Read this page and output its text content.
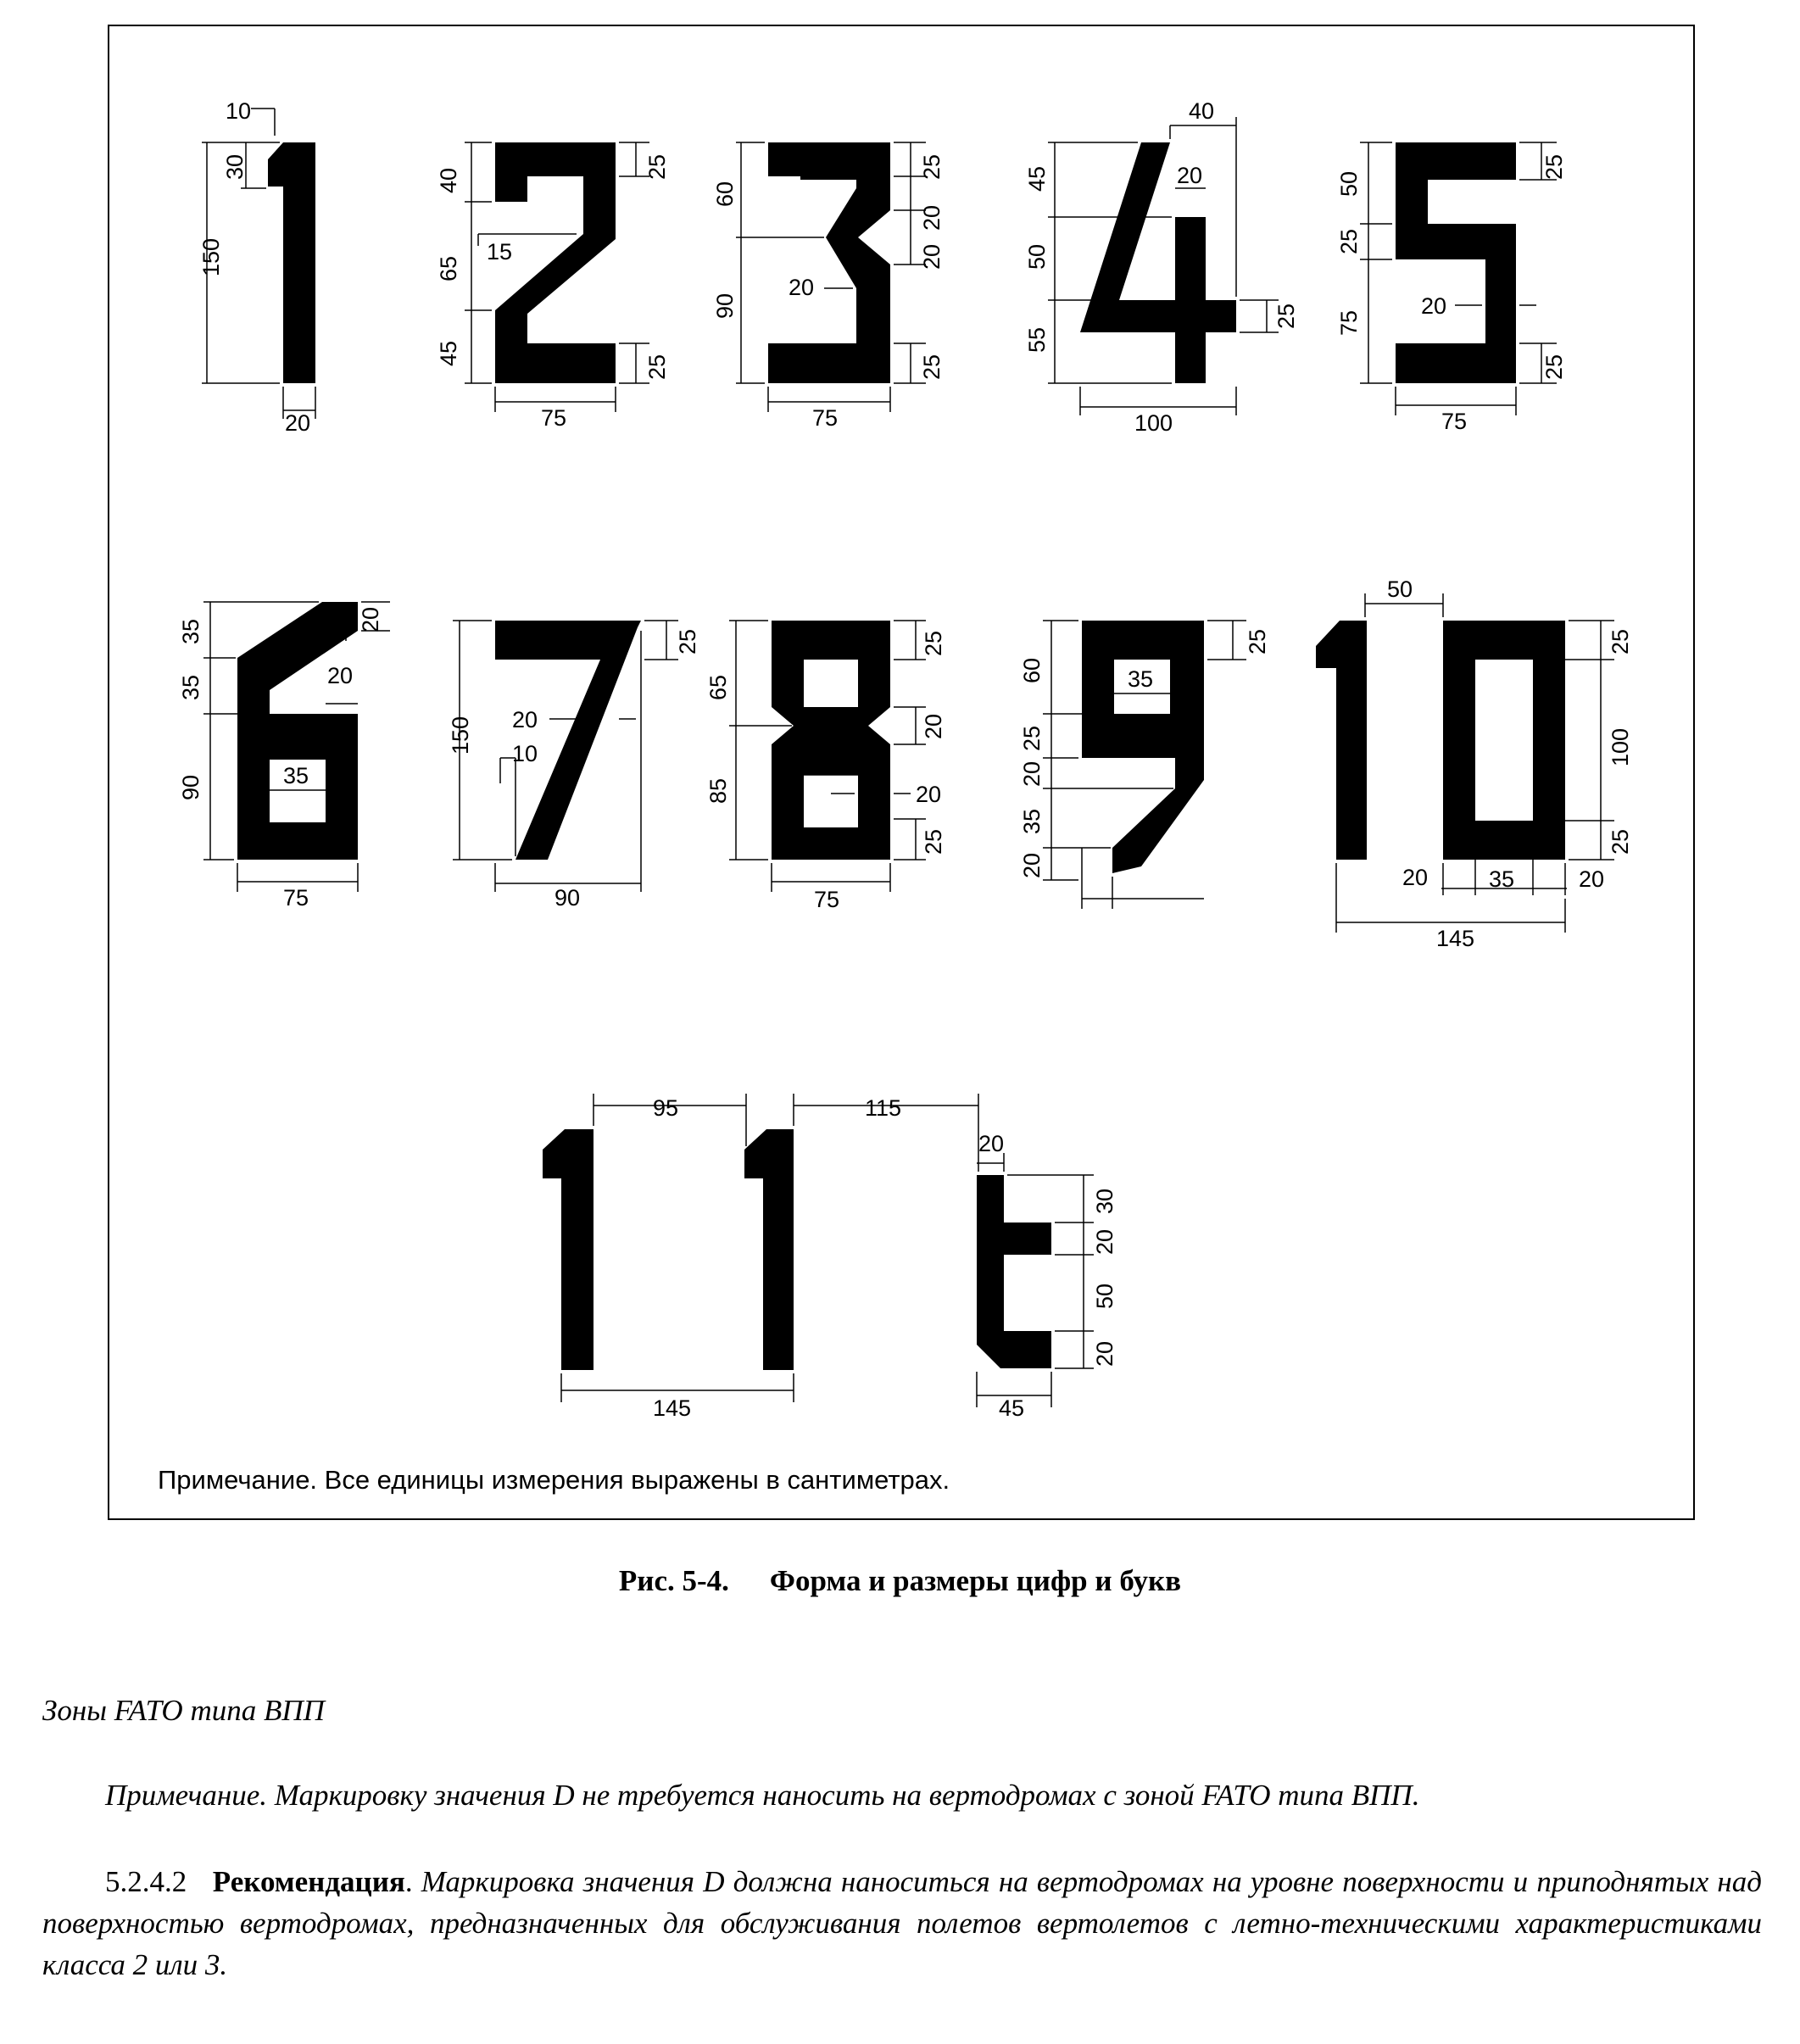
10
30
150
20
40
25
15
65
45
25
75
60
25
20
20
20
90
25
75
40
45	20
50
25
55
100
50
25
25
20
75
25
75
35	20
35	20
90	35
75
25
150 20
10
90
65
25
20
85
35
20
25
75
60
25
35
25
20
35
20
50
25
100
25
20	35	20
145
95	115
20
30
20
50
20
145	45
Примечание. Все единицы измерения выражены в сантиметрах.
Рис. 5-4. Форма и размеры цифр и букв
Зоны FATO типа ВПП
Примечание. Маркировку значения D не требуется наносить на вертодромах с зоной FATO типа ВПП.
5.2.4.2 Рекомендация. Маркировка значения D должна наноситься на вертодромах на уровне поверхности и приподнятых над поверхностью вертодромах, предназначенных для обслуживания полетов вертолетов с летно-техническими характеристиками класса 2 или 3.
